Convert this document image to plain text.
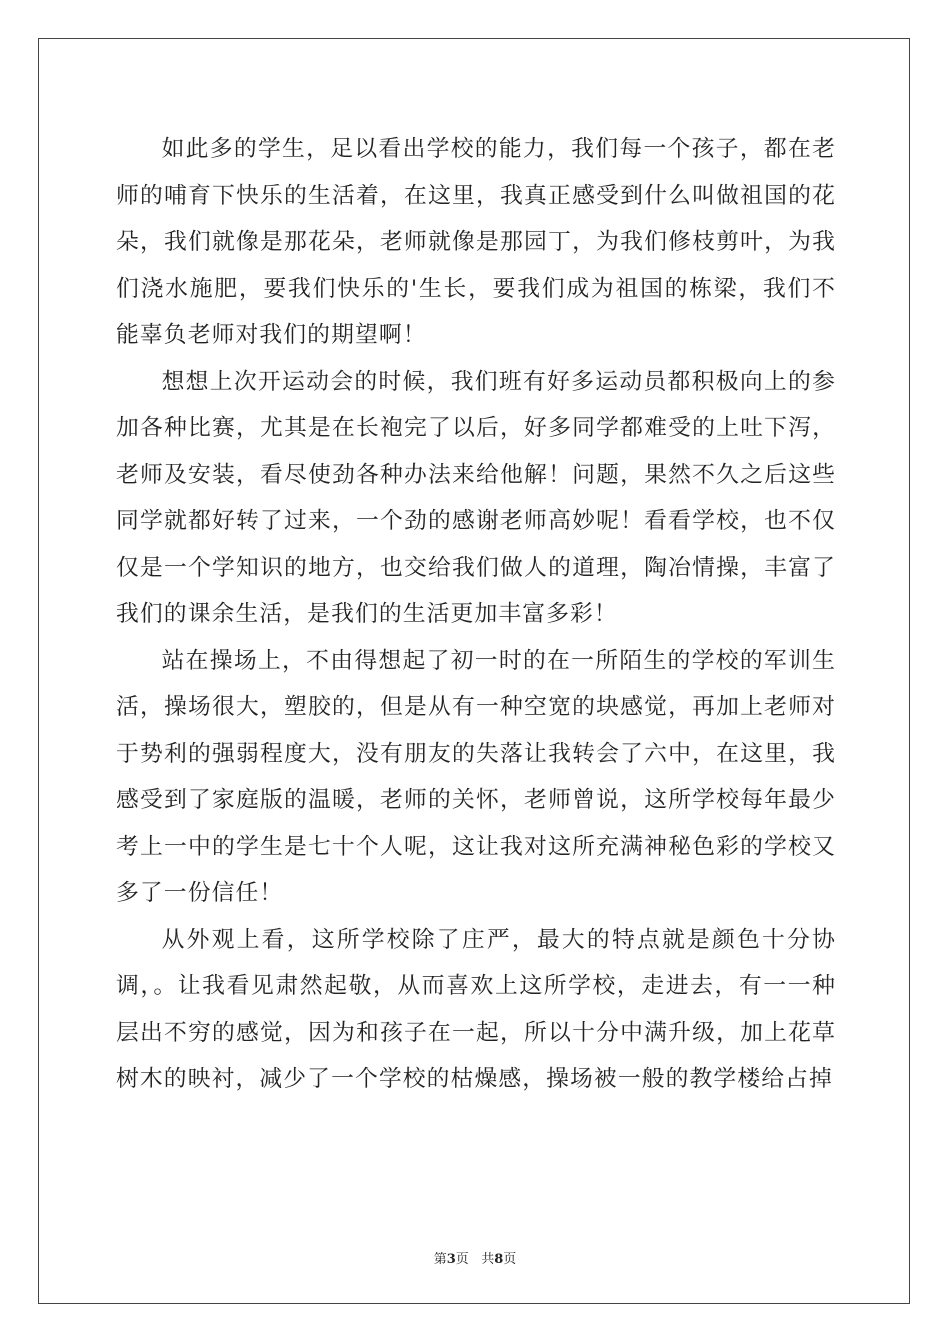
如此多的学生，足以看出学校的能力，我们每一个孩子，都在老师的哺育下快乐的生活着，在这里，我真正感受到什么叫做祖国的花朵，我们就像是那花朵，老师就像是那园丁，为我们修枝剪叶，为我们浇水施肥，要我们快乐的'生长，要我们成为祖国的栋梁，我们不能辜负老师对我们的期望啊！

想想上次开运动会的时候，我们班有好多运动员都积极向上的参加各种比赛，尤其是在长袍完了以后，好多同学都难受的上吐下泻，老师及安装，看尽使劲各种办法来给他解！问题，果然不久之后这些同学就都好转了过来，一个劲的感谢老师高妙呢！看看学校，也不仅仅是一个学知识的地方，也交给我们做人的道理，陶冶情操，丰富了我们的课余生活，是我们的生活更加丰富多彩！

站在操场上，不由得想起了初一时的在一所陌生的学校的军训生活，操场很大，塑胶的，但是从有一种空宽的块感觉，再加上老师对于势利的强弱程度大，没有朋友的失落让我转会了六中，在这里，我感受到了家庭版的温暖，老师的关怀，老师曾说，这所学校每年最少考上一中的学生是七十个人呢，这让我对这所充满神秘色彩的学校又多了一份信任！

从外观上看，这所学校除了庄严，最大的特点就是颜色十分协调，。让我看见肃然起敬，从而喜欢上这所学校，走进去，有一一种层出不穷的感觉，因为和孩子在一起，所以十分中满升级，加上花草树木的映衬，减少了一个学校的枯燥感，操场被一般的教学楼给占掉

第3页 共8页
